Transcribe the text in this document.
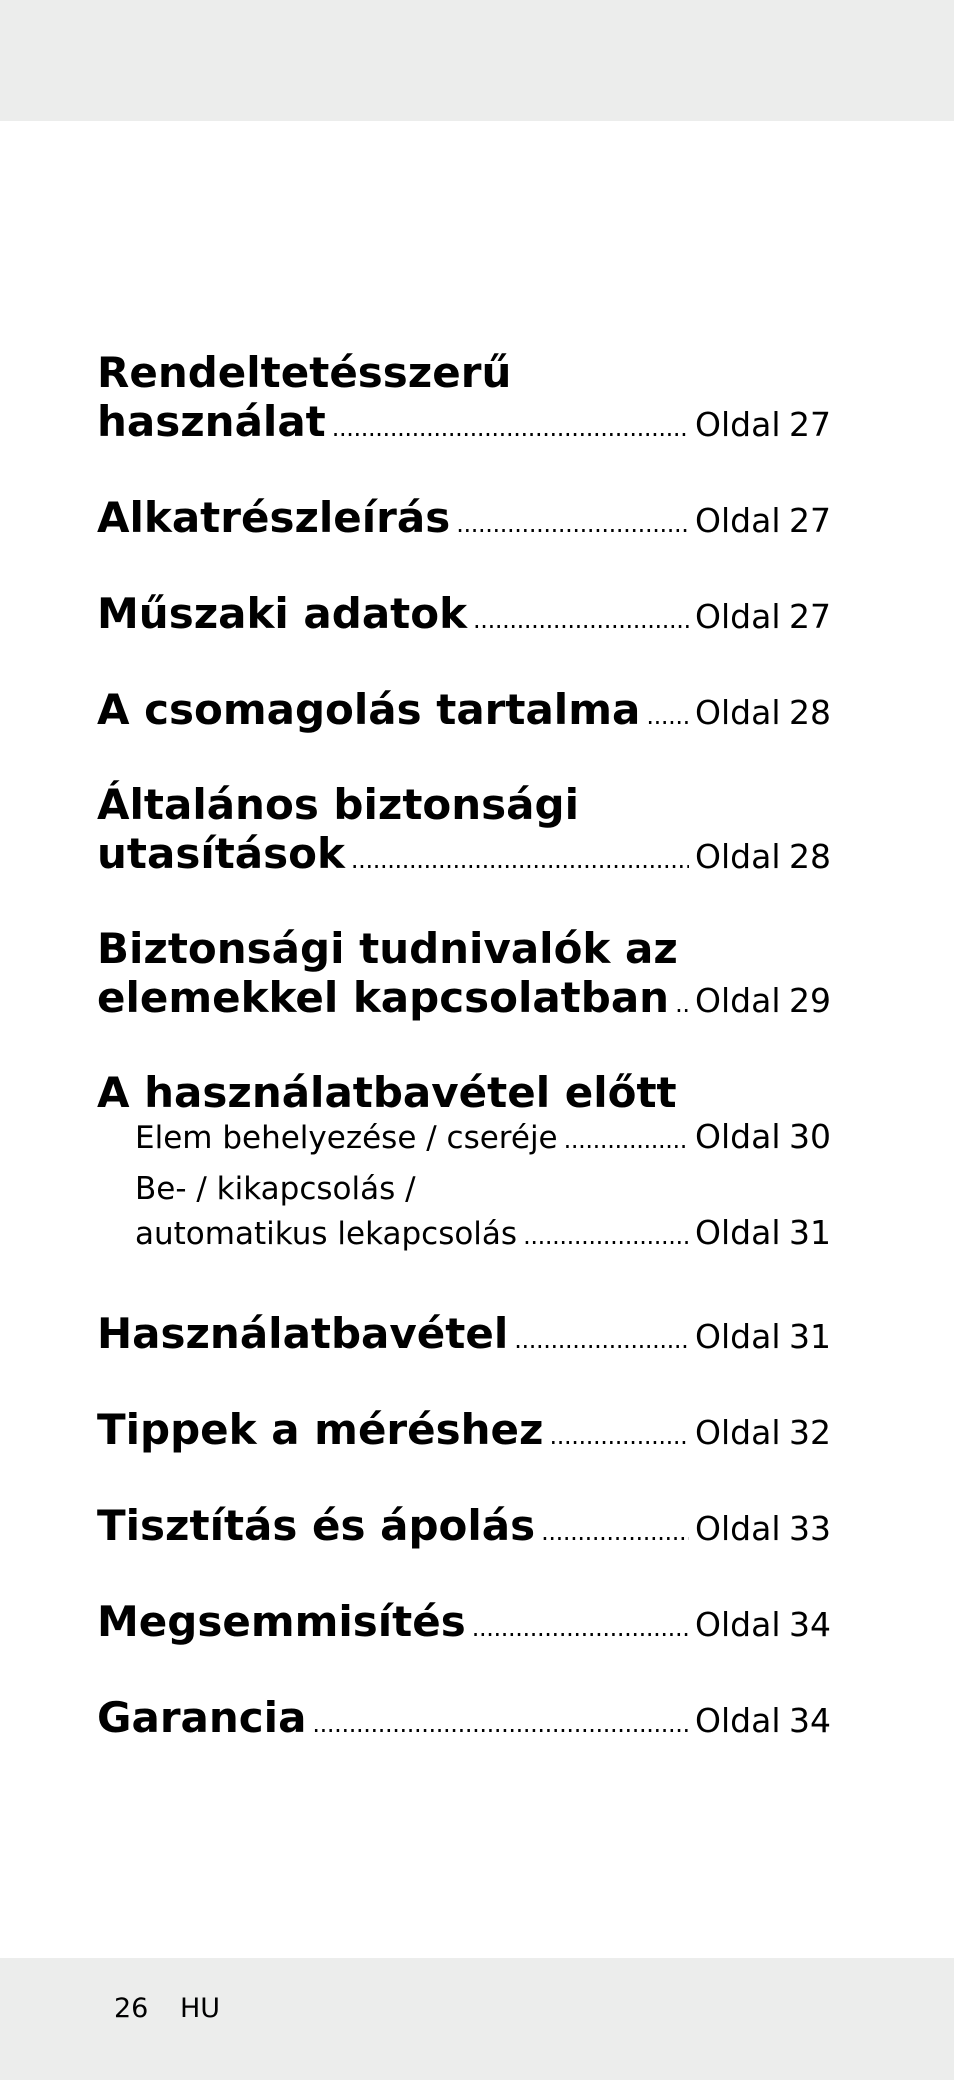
Rendeltetésszerű
használat . . .	Oldal 27
Alkatrészleírás . . .	Oldal 27
Műszaki adatok . . .	Oldal 27
A csomagolás tartalma . . . Oldal 28
Általános biztonsági
utasítások . . .	Oldal 28
Biztonsági tudnivalók az
elemekkel kapcsolatban . . . Oldal 29
A használatbavétel előtt
Elem behelyezése / cseréje . . .	Oldal 30
Be- / kikapcsolás /
automatikus lekapcsolás . . .	Oldal 31
Használatbavétel . . .	Oldal 31
Tippek a méréshez . . .	Oldal 32
Tisztítás és ápolás . . .	Oldal 33
Megsemmisítés . . .	Oldal 34
Garancia . . .	Oldal 34
26 HU
